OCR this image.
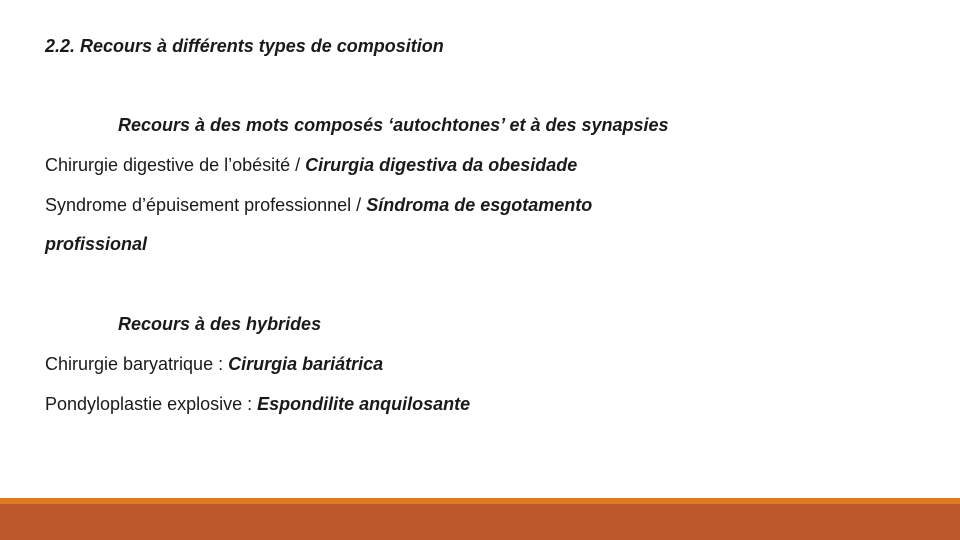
2.2. Recours à différents types de composition
Recours à des mots composés ‘autochtones’ et à des synapsies
Chirurgie digestive de l’obésité / Cirurgia digestiva da obesidade
Syndrome d’épuisement professionnel / Síndroma de esgotamento
profissional
Recours à des hybrides
Chirurgie baryatrique : Cirurgia bariátrica
Pondyloplastie explosive : Espondilite anquilosante
